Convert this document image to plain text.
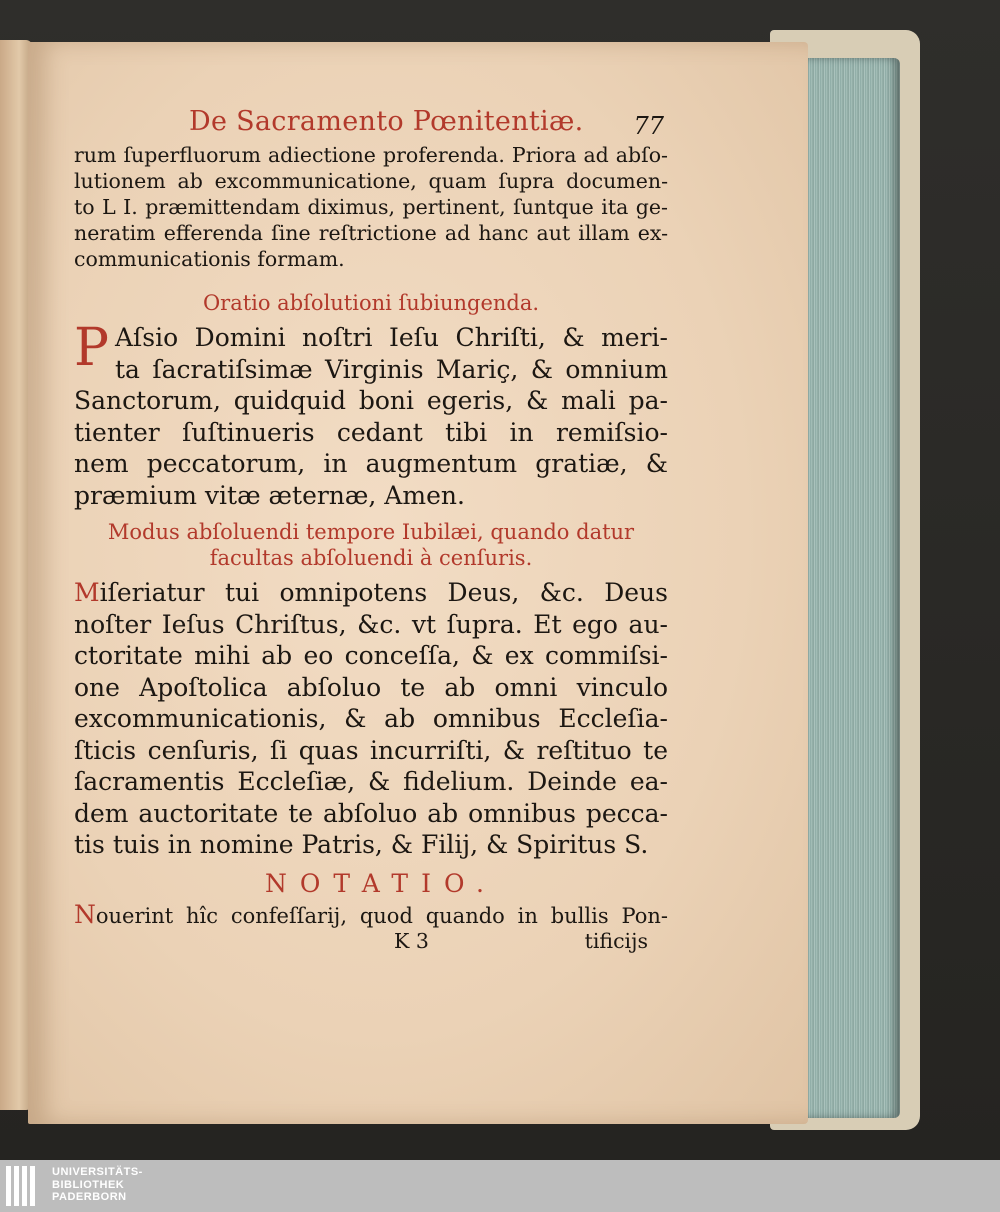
De Sacramento Pœnitentiæ. 77
rum ſuperfluorum adiectione proferenda. Priora ad abſo-
lutionem ab excommunicatione, quam ſupra documen-
to L I. præmittendam diximus, pertinent, ſuntque ita ge-
neratim efferenda ſine reſtrictione ad hanc aut illam ex-
communicationis formam.
Oratio abſolutioni ſubiungenda.
P Aſsio Domini noſtri Ieſu Chriſti, & meri-
ta ſacratiſsimæ Virginis Mariç, & omnium
Sanctorum, quidquid boni egeris, & mali pa-
tienter ſuſtinueris cedant tibi in remiſsio-
nem peccatorum, in augmentum gratiæ, &
præmium vitæ æternæ, Amen.
Modus abſoluendi tempore Iubilæi, quando datur
facultas abſoluendi à cenſuris.
Miſeriatur tui omnipotens Deus, &c. Deus
noſter Ieſus Chriſtus, &c. vt ſupra. Et ego au-
ctoritate mihi ab eo conceſſa, & ex commiſsi-
one Apoſtolica abſoluo te ab omni vinculo
excommunicationis, & ab omnibus Eccleſia-
ſticis cenſuris, ſi quas incurriſti, & reſtituo te
ſacramentis Eccleſiæ, & fidelium. Deinde ea-
dem auctoritate te abſoluo ab omnibus pecca-
tis tuis in nomine Patris, & Filij, & Spiritus S.
NOTATIO.
Nouerint hîc confeſſarij, quod quando in bullis Pon-
K 3	tificijs
UNIVERSITÄTS-
BIBLIOTHEK
PADERBORN
